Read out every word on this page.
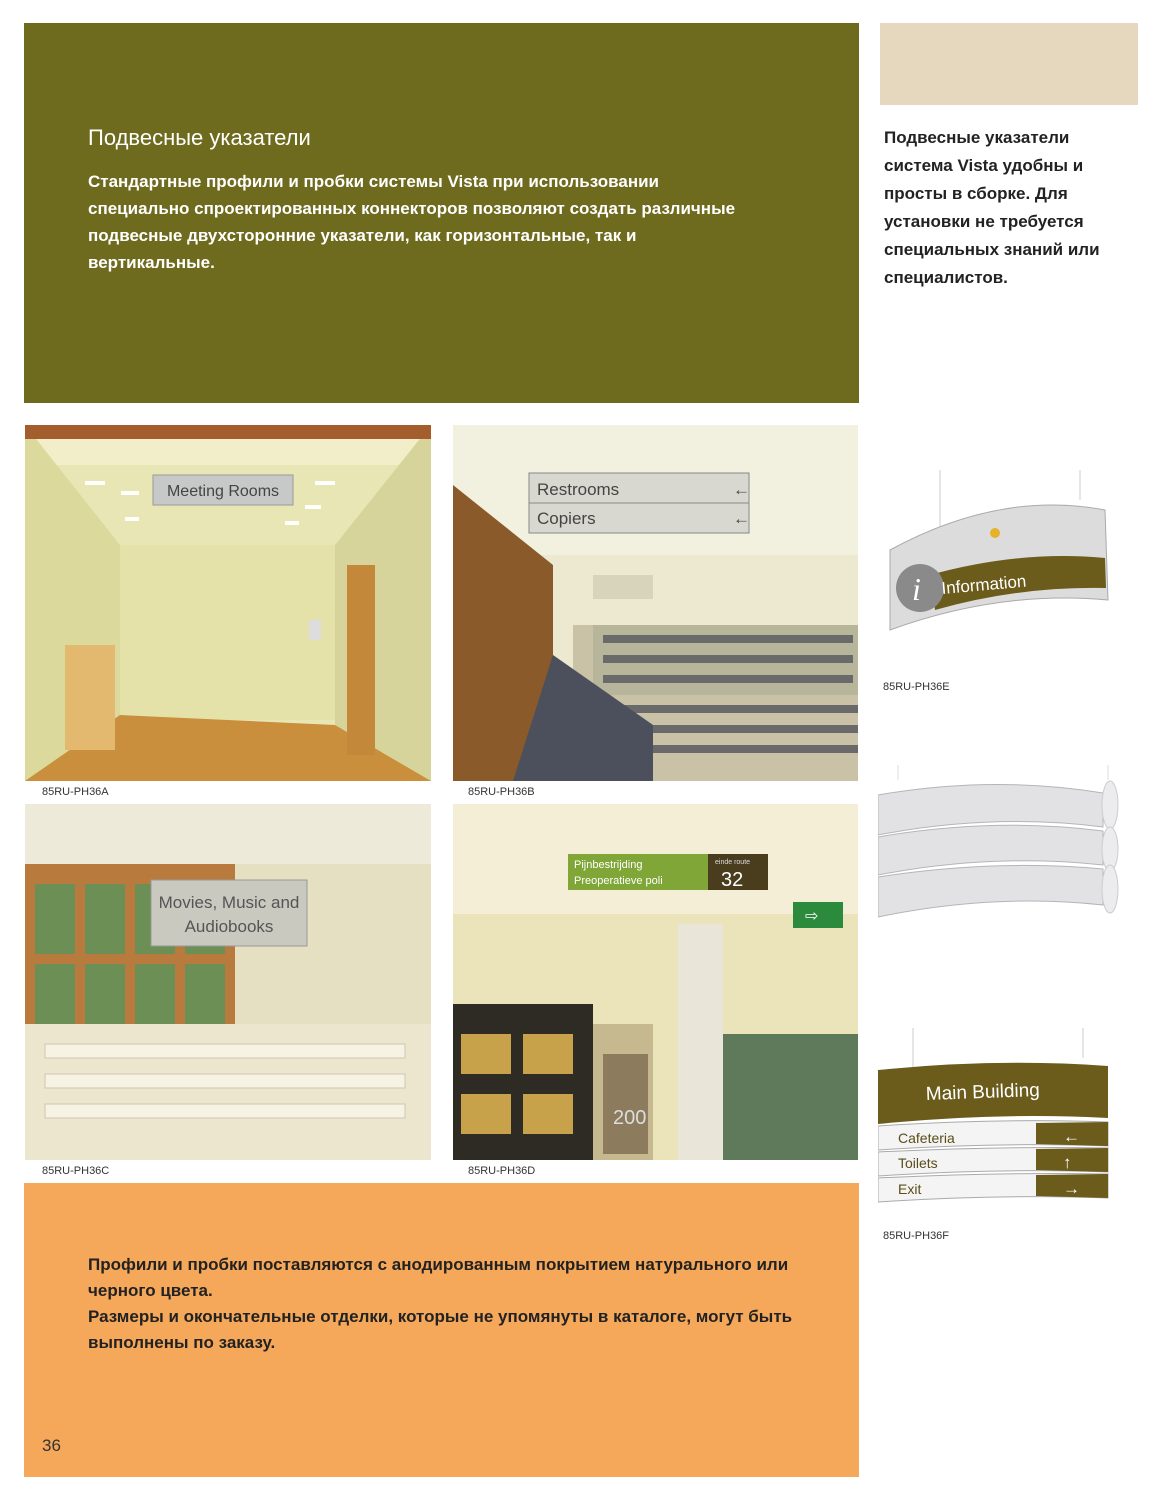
Подвесные указатели
Стандартные профили и пробки системы Vista при использовании специально спроектированных коннекторов позволяют создать различные подвесные двухсторонние указатели, как горизонтальные, так и вертикальные.
Подвесные указатели система Vista удобны и просты в сборке. Для установки не требуется специальных знаний или специалистов.
Meeting Rooms
85RU-PH36A
Restrooms
Copiers
←
←
85RU-PH36B
Movies, Music and
Audiobooks
85RU-PH36C
200
Pijnbestrijding
Preoperatieve poli
einde route
32
⇨
85RU-PH36D
i Information
85RU-PH36E
Main Building
Cafeteria	←
Toilets	↑
Exit	→
85RU-PH36F
Профили и пробки поставляются с анодированным покрытием натурального или черного цвета.
Размеры и окончательные отделки, которые не упомянуты в каталоге, могут быть выполнены по заказу.
36
